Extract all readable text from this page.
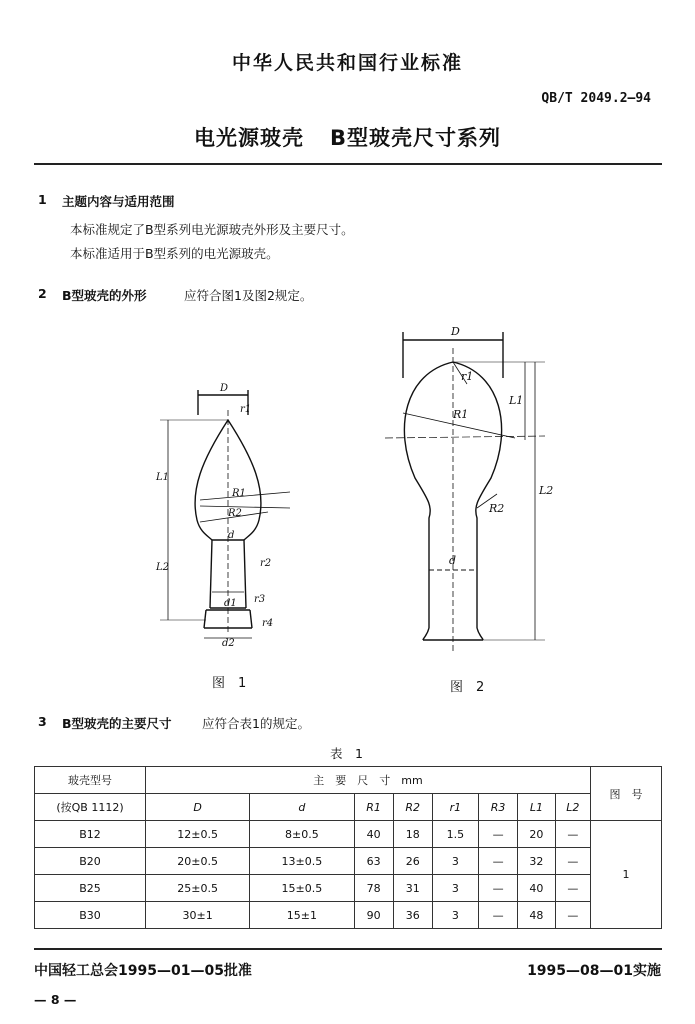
中华人民共和国行业标准
QB/T 2049.2—94
电光源玻壳 B型玻壳尺寸系列
1 主题内容与适用范围
本标准规定了B型系列电光源玻壳外形及主要尺寸。
本标准适用于B型系列的电光源玻壳。
2 B型玻壳的外形	应符合图1及图2规定。
D
r1
L1
R1
R2
d
r2
L2
r3
d1
r4
d2
图　1
D
r1
L1
R1
L2
R2
d
图　2
3 B型玻壳的主要尺寸 应符合表1的规定。
表　1
玻壳型号	主　要　尺　寸　mm								图　号
(按QB 1112)	D	d	R1	R2	r1	R3	L1	L2	
B12	12±0.5	8±0.5	40	18	1.5	—	20	—	1
B20	20±0.5	13±0.5	63	26	3	—	32	—	
B25	25±0.5	15±0.5	78	31	3	—	40	—	
B30	30±1	15±1	90	36	3	—	48	—	
中国轻工总会1995—01—05批准	1995—08—01实施
— 8 —
